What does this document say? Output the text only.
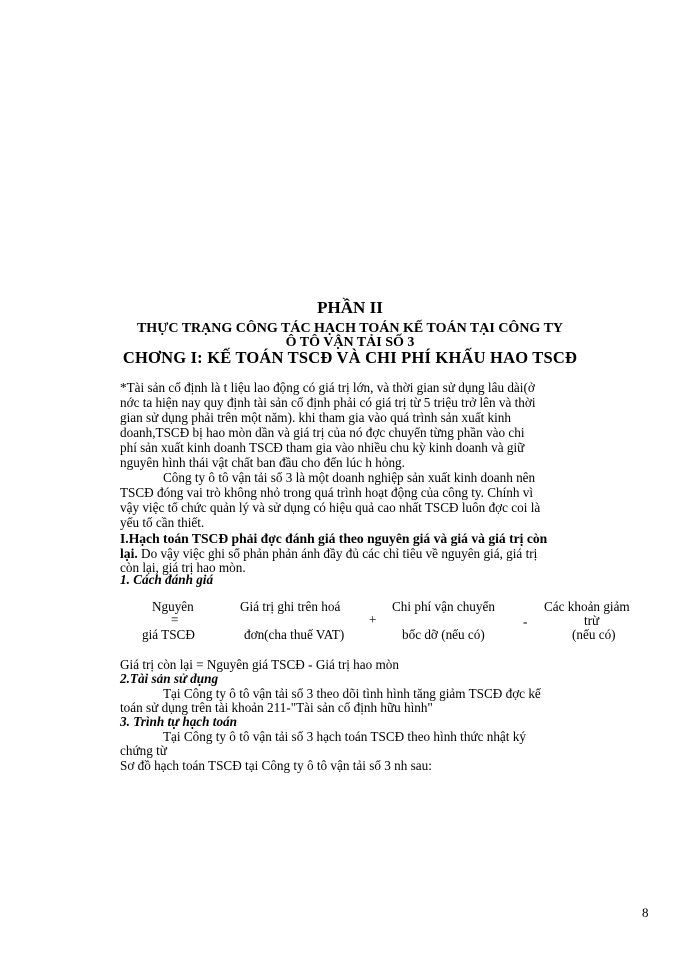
PHẦN II
THỰC TRẠNG CÔNG TÁC HẠCH TOÁN KẾ TOÁN TẠI CÔNG TY
Ô TÔ VẬN TẢI SỐ 3
CHƠNG I: KẾ TOÁN TSCĐ VÀ CHI PHÍ KHẤU HAO TSCĐ
*Tài sản cố định là t liệu lao động có giá trị lớn, và thời gian sử dụng lâu dài(ở
nớc ta hiện nay quy định tài sản cố định phải có giá trị từ 5 triệu trở lên và thời
gian sử dụng phải trên một năm). khi tham gia vào quá trình sản xuất kinh
doanh,TSCĐ bị hao mòn dần và giá trị của nó đợc chuyển từng phần vào chi
phí sản xuất kinh doanh TSCĐ tham gia vào nhiều chu kỳ kinh doanh và giữ
nguyên hình thái vật chất ban đầu cho đến lúc h hỏng.
Công ty ô tô vận tải số 3 là một doanh nghiệp sản xuất kinh doanh nên
TSCĐ đóng vai trò không nhỏ trong quá trình hoạt động của công ty. Chính vì
vậy việc tổ chức quản lý và sử dụng có hiệu quả cao nhất TSCĐ luôn đợc coi là
yếu tố cần thiết.
I.Hạch toán TSCĐ phải đợc đánh giá theo nguyên giá và giá và giá trị còn
lại. Do vậy việc ghi sổ phản phản ánh đầy đủ các chỉ tiêu về nguyên giá, giá trị
còn lại, giá trị hao mòn.
1. Cách đánh giá
Nguyên
giá TSCĐ
=
Giá trị ghi trên hoá
đơn(cha thuế VAT)
+
Chi phí vận chuyển
bốc dỡ (nếu có)
-
Các khoản giảm
trừ
(nếu có)
Giá trị còn lại = Nguyên giá TSCĐ - Giá trị hao mòn
2.Tài sản sử dụng
Tại Công ty ô tô vận tải số 3 theo dõi tình hình tăng giảm TSCĐ đợc kế
toán sử dụng trên tài khoản 211-"Tài sản cố định hữu hình"
3. Trình tự hạch toán
Tại Công ty ô tô vận tải số 3 hạch toán TSCĐ theo hình thức nhật ký
chứng từ
Sơ đồ hạch toán TSCĐ tại Công ty ô tô vận tải số 3 nh sau:
8
